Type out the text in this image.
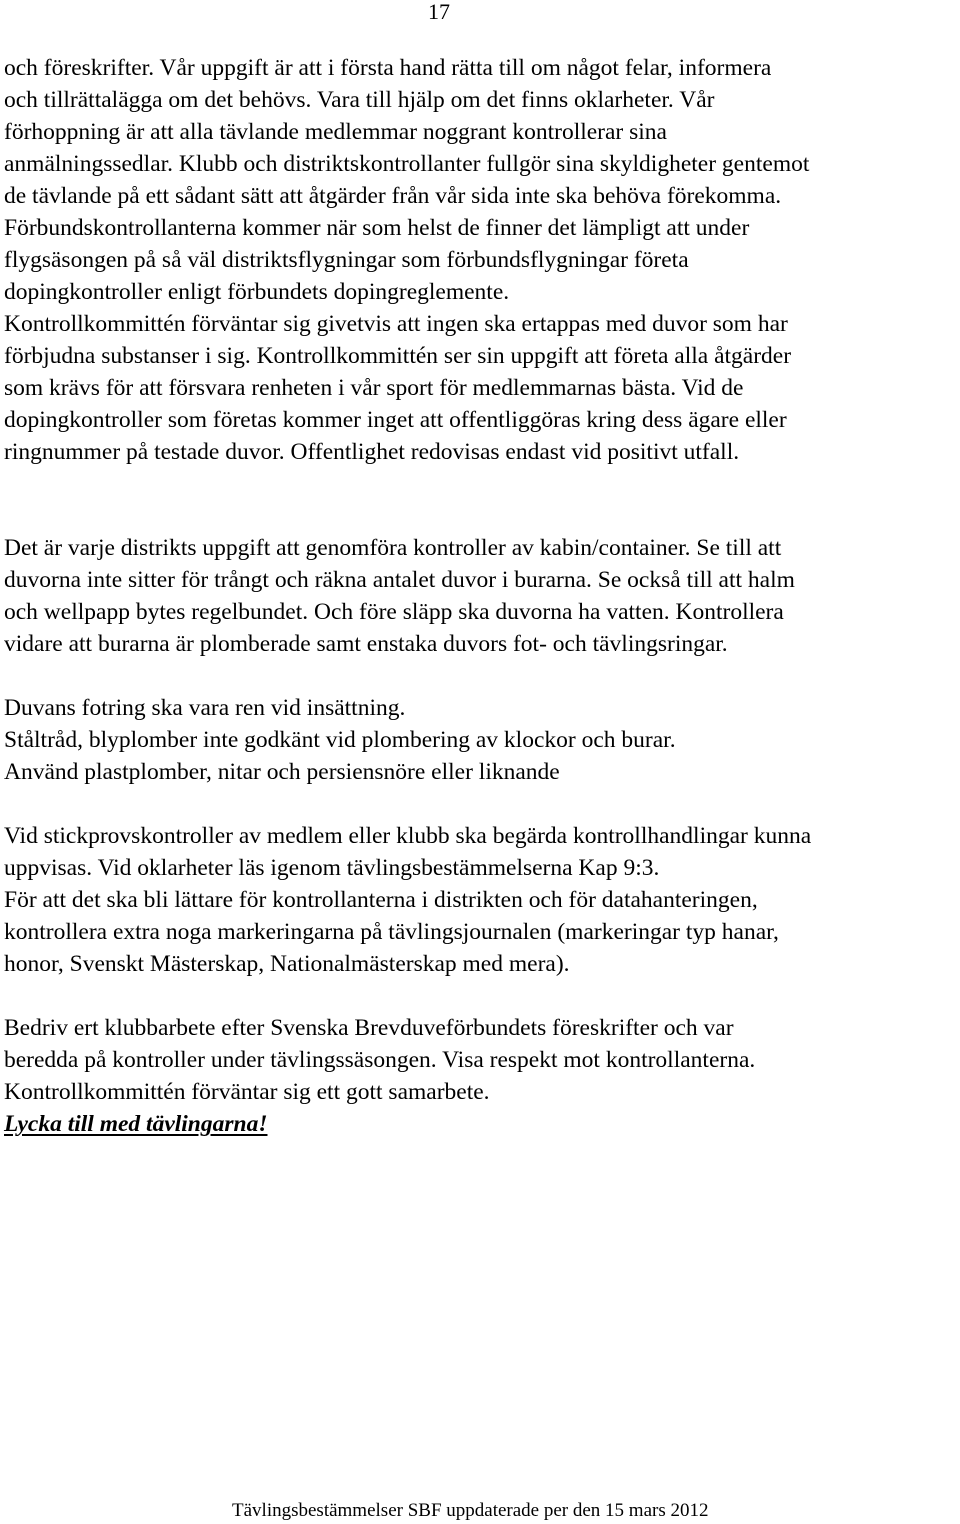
17
och föreskrifter. Vår uppgift är att i första hand rätta till om något felar, informera
och tillrättalägga om det behövs. Vara till hjälp om det finns oklarheter. Vår
förhoppning är att alla tävlande medlemmar noggrant kontrollerar sina
anmälningssedlar. Klubb och distriktskontrollanter fullgör sina skyldigheter gentemot
de tävlande på ett sådant sätt att åtgärder från vår sida inte ska behöva förekomma.
Förbundskontrollanterna kommer när som helst de finner det lämpligt att under
flygsäsongen på så väl distriktsflygningar som förbundsflygningar företa
dopingkontroller enligt förbundets dopingreglemente.
Kontrollkommittén förväntar sig givetvis att ingen ska ertappas med duvor som har
förbjudna substanser i sig. Kontrollkommittén ser sin uppgift att företa alla åtgärder
som krävs för att försvara renheten i vår sport för medlemmarnas bästa. Vid de
dopingkontroller som företas kommer inget att offentliggöras kring dess ägare eller
ringnummer på testade duvor. Offentlighet redovisas endast vid positivt utfall.
Det är varje distrikts uppgift att genomföra kontroller av kabin/container. Se till att
duvorna inte sitter för trångt och räkna antalet duvor i burarna. Se också till att halm
och wellpapp bytes regelbundet. Och före släpp ska duvorna ha vatten. Kontrollera
vidare att burarna är plomberade samt enstaka duvors fot- och tävlingsringar.
Duvans fotring ska vara ren vid insättning.
Ståltråd, blyplomber inte godkänt vid plombering av klockor och burar.
Använd plastplomber, nitar och persiensnöre eller liknande
Vid stickprovskontroller av medlem eller klubb ska begärda kontrollhandlingar kunna
uppvisas. Vid oklarheter läs igenom tävlingsbestämmelserna Kap 9:3.
För att det ska bli lättare för kontrollanterna i distrikten och för datahanteringen,
kontrollera extra noga markeringarna på tävlingsjournalen (markeringar typ hanar,
honor, Svenskt Mästerskap, Nationalmästerskap med mera).
Bedriv ert klubbarbete efter Svenska Brevduveförbundets föreskrifter och var
beredda på kontroller under tävlingssäsongen. Visa respekt mot kontrollanterna.
Kontrollkommittén förväntar sig ett gott samarbete.
Lycka till med tävlingarna!
Tävlingsbestämmelser SBF uppdaterade per den 15 mars 2012
